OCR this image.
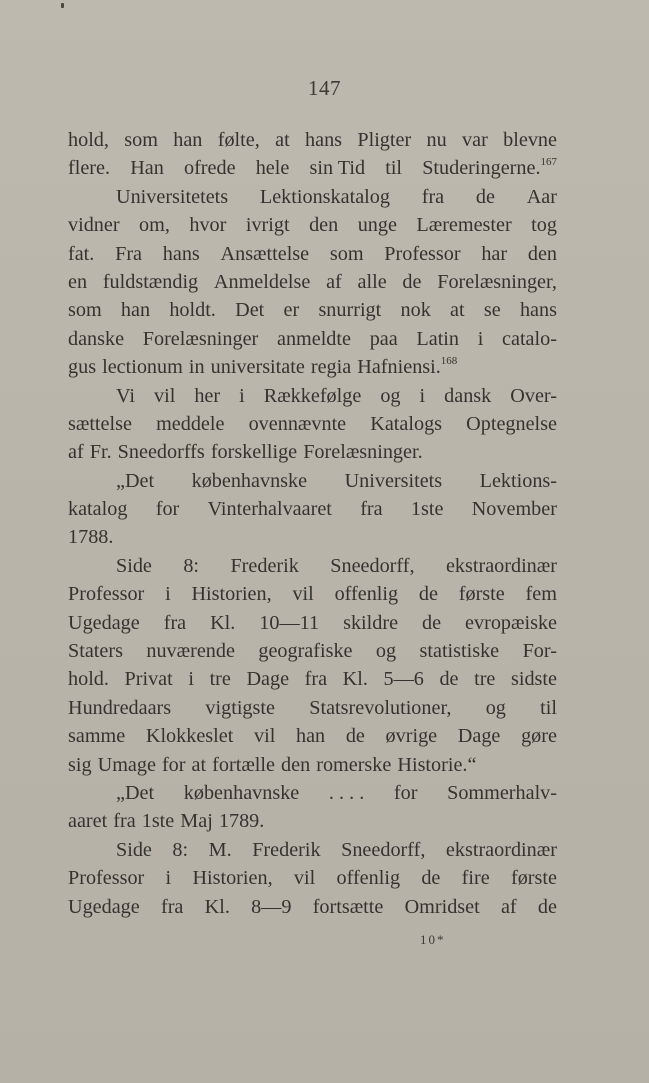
147
hold, som han følte, at hans Pligter nu var blevne
flere. Han ofrede hele sin Tid til Studeringerne.$^{167}$
Universitetets Lektionskatalog fra de Aar
vidner om, hvor ivrigt den unge Læremester tog
fat. Fra hans Ansættelse som Professor har den
en fuldstændig Anmeldelse af alle de Forelæsninger,
som han holdt. Det er snurrigt nok at se hans
danske Forelæsninger anmeldte paa Latin i catalo-
gus lectionum in universitate regia Hafniensi.$^{168}$
Vi vil her i Rækkefølge og i dansk Over-
sættelse meddele ovennævnte Katalogs Optegnelse
af Fr. Sneedorffs forskellige Forelæsninger.
„Det københavnske Universitets Lektions-
katalog for Vinterhalvaaret fra 1ste November
1788.
Side 8: Frederik Sneedorff, ekstraordinær
Professor i Historien, vil offenlig de første fem
Ugedage fra Kl. 10—11 skildre de evropæiske
Staters nuværende geografiske og statistiske For-
hold. Privat i tre Dage fra Kl. 5—6 de tre sidste
Hundredaars vigtigste Statsrevolutioner, og til
samme Klokkeslet vil han de øvrige Dage gøre
sig Umage for at fortælle den romerske Historie.“
„Det københavnske . . . . for Sommerhalv-
aaret fra 1ste Maj 1789.
Side 8: M. Frederik Sneedorff, ekstraordinær
Professor i Historien, vil offenlig de fire første
Ugedage fra Kl. 8—9 fortsætte Omridset af de
10*
